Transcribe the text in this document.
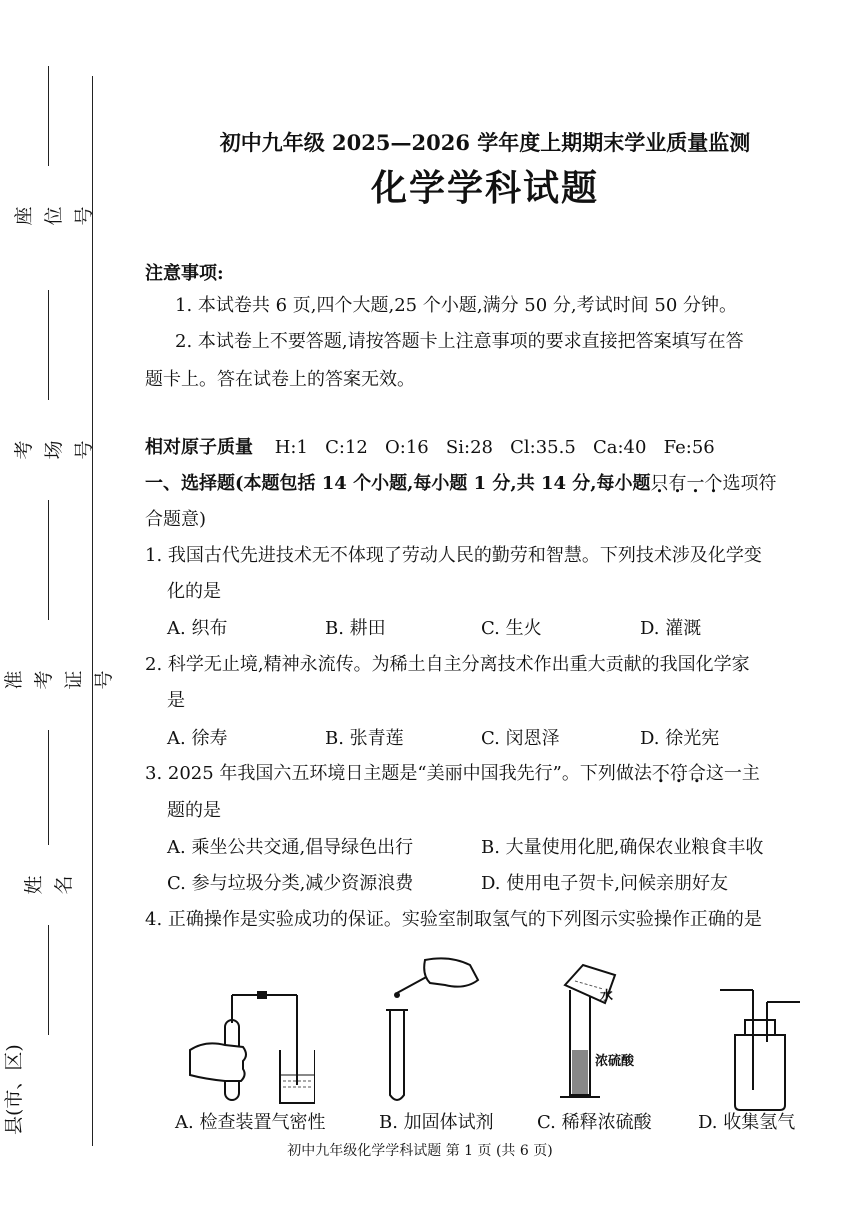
座位号
考场号
准考证号
姓名
县(市、区)
初中九年级 2025—2026 学年度上期期末学业质量监测
化学学科试题
注意事项:
1. 本试卷共 6 页,四个大题,25 个小题,满分 50 分,考试时间 50 分钟。
2. 本试卷上不要答题,请按答题卡上注意事项的要求直接把答案填写在答
题卡上。答在试卷上的答案无效。
相对原子质量 H:1   C:12   O:16   Si:28   Cl:35.5   Ca:40   Fe:56
一、选择题(本题包括 14 个小题,每小题 1 分,共 14 分,每小题只有一个选项符
合题意)
1. 我国古代先进技术无不体现了劳动人民的勤劳和智慧。下列技术涉及化学变
化的是
A. 织布	B. 耕田	C. 生火	D. 灌溉
2. 科学无止境,精神永流传。为稀土自主分离技术作出重大贡献的我国化学家
是
A. 徐寿	B. 张青莲	C. 闵恩泽	D. 徐光宪
3. 2025 年我国六五环境日主题是“美丽中国我先行”。下列做法不符合这一主
题的是
A. 乘坐公共交通,倡导绿色出行	B. 大量使用化肥,确保农业粮食丰收
C. 参与垃圾分类,减少资源浪费	D. 使用电子贺卡,问候亲朋好友
4. 正确操作是实验成功的保证。实验室制取氢气的下列图示实验操作正确的是
水
浓硫酸
A. 检查装置气密性	B. 加固体试剂 C. 稀释浓硫酸	D. 收集氢气
初中九年级化学学科试题 第 1 页 (共 6 页)
